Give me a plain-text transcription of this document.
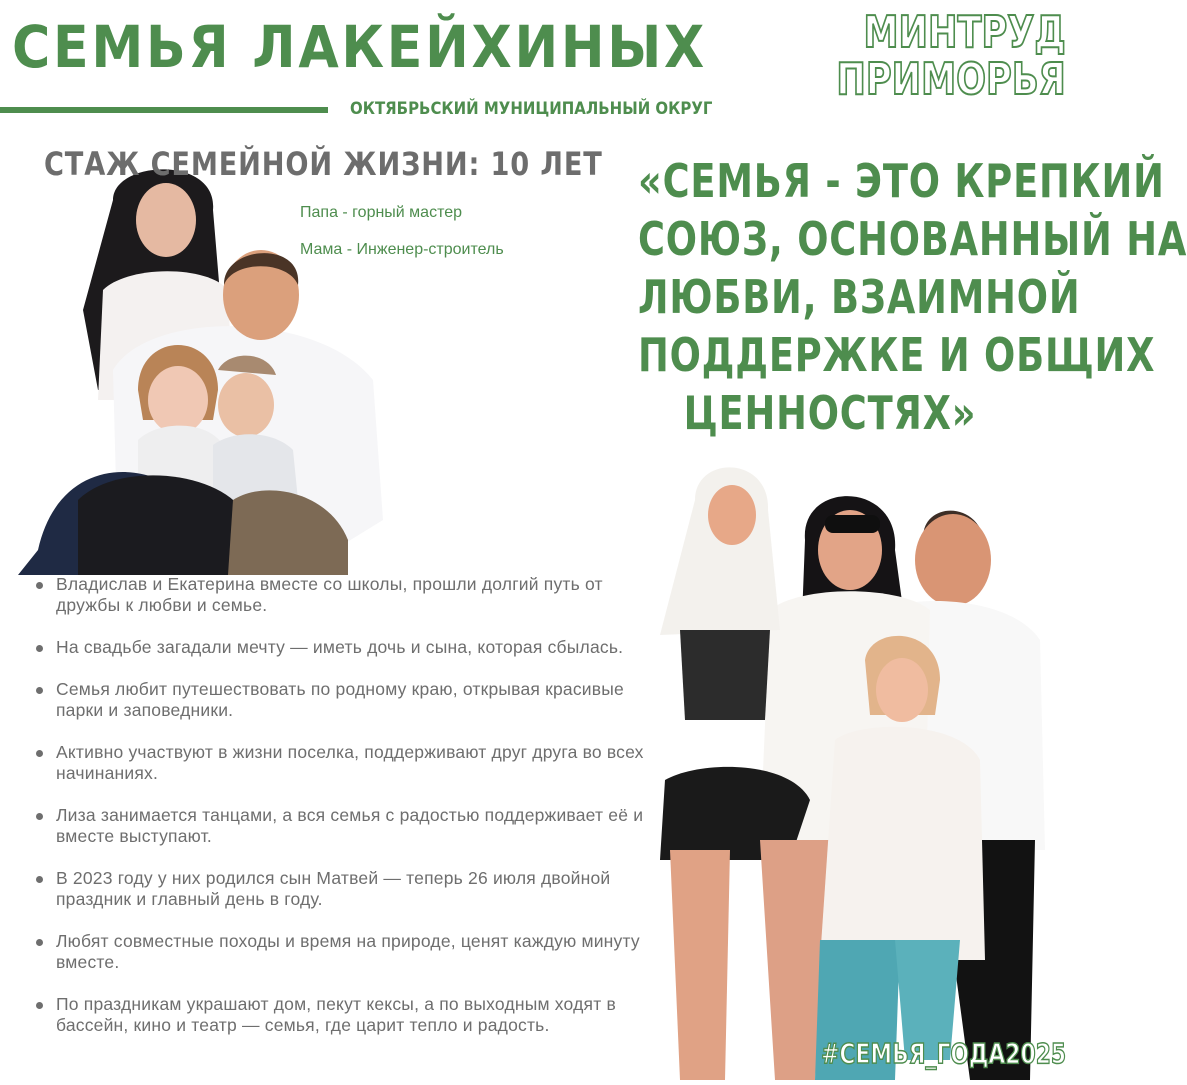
СЕМЬЯ ЛАКЕЙХИНЫХ
ОКТЯБРЬСКИЙ МУНИЦИПАЛЬНЫЙ ОКРУГ
МИНТРУД
ПРИМОРЬЯ
СТАЖ СЕМЕЙНОЙ ЖИЗНИ: 10 ЛЕТ
Папа - горный мастер
Мама - Инженер-строитель
«СЕМЬЯ - ЭТО КРЕПКИЙ
СОЮЗ, ОСНОВАННЫЙ НА
ЛЮБВИ, ВЗАИМНОЙ
ПОДДЕРЖКЕ И ОБЩИХ
ЦЕННОСТЯХ»
Владислав и Екатерина вместе со школы, прошли долгий путь от дружбы к любви и семье.
На свадьбе загадали мечту — иметь дочь и сына, которая сбылась.
Семья любит путешествовать по родному краю, открывая красивые парки и заповедники.
Активно участвуют в жизни поселка, поддерживают друг друга во всех начинаниях.
Лиза занимается танцами, а вся семья с радостью поддерживает её и вместе выступают.
В 2023 году у них родился сын Матвей — теперь 26 июля двойной праздник и главный день в году.
Любят совместные походы и время на природе, ценят каждую минуту вместе.
По праздникам украшают дом, пекут кексы, а по выходным ходят в бассейн, кино и театр — семья, где царит тепло и радость.
#СЕМЬЯ_ГОДА2025
